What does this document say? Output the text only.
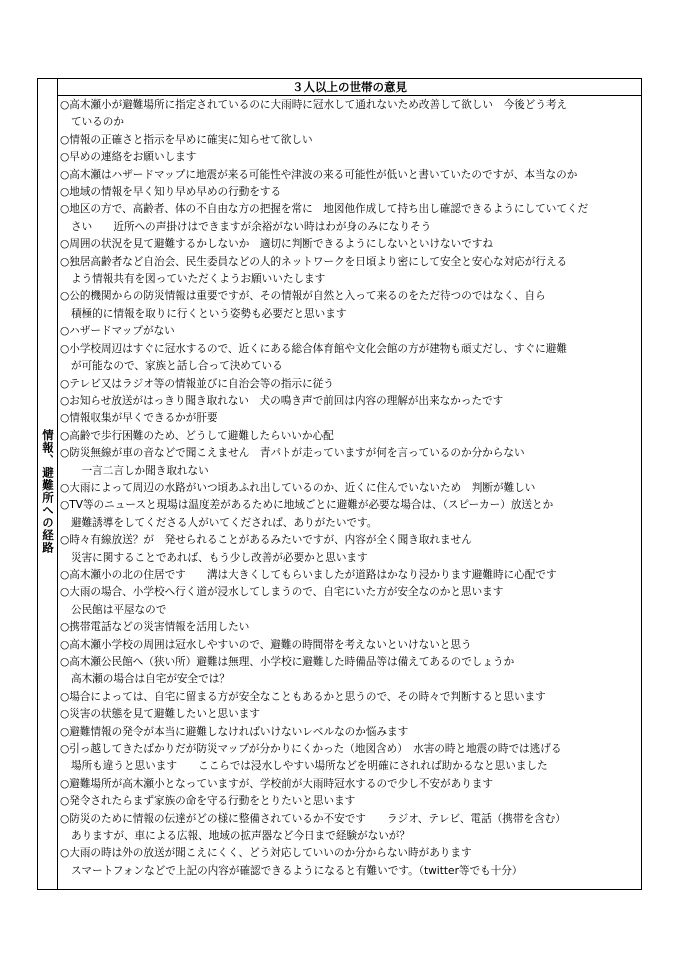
情報、避難所への経路
３人以上の世帯の意見
○高木瀬小が避難場所に指定されているのに大雨時に冠水して通れないため改善して欲しい　今後どう考え
ているのか
○情報の正確さと指示を早めに確実に知らせて欲しい
○早めの連絡をお願いします
○高木瀬はハザードマップに地震が来る可能性や津波の来る可能性が低いと書いていたのですが、本当なのか
○地域の情報を早く知り早め早めの行動をする
○地区の方で、高齢者、体の不自由な方の把握を常に　地図他作成して持ち出し確認できるようにしていてくだ
さい　　近所への声掛けはできますが余裕がない時はわが身のみになりそう
○周囲の状況を見て避難するかしないか　適切に判断できるようにしないといけないですね
○独居高齢者など自治会、民生委員などの人的ネットワークを日頃より密にして安全と安心な対応が行える
よう情報共有を図っていただくようお願いいたします
○公的機関からの防災情報は重要ですが、その情報が自然と入って来るのをただ待つのではなく、自ら
積極的に情報を取りに行くという姿勢も必要だと思います
○ハザードマップがない
○小学校周辺はすぐに冠水するので、近くにある総合体育館や文化会館の方が建物も頑丈だし、すぐに避難
が可能なので、家族と話し合って決めている
○テレビ又はラジオ等の情報並びに自治会等の指示に従う
○お知らせ放送がはっきり聞き取れない　犬の鳴き声で前回は内容の理解が出来なかったです
○情報収集が早くできるかが肝要
○高齢で歩行困難のため、どうして避難したらいいか心配
○防災無線が車の音などで聞こえません　青パトが走っていますが何を言っているのか分からない
　一言二言しか聞き取れない
○大雨によって周辺の水路がいつ頃あふれ出しているのか、近くに住んでいないため　判断が難しい
○TV等のニュースと現場は温度差があるために地域ごとに避難が必要な場合は、（スピーカー）放送とか
避難誘導をしてくださる人がいてくだされば、ありがたいです。
○時々有線放送？が　発せられることがあるみたいですが、内容が全く聞き取れません
災害に関することであれば、もう少し改善が必要かと思います
○高木瀬小の北の住居です　　溝は大きくしてもらいましたが道路はかなり浸かります避難時に心配です
○大雨の場合、小学校へ行く道が浸水してしまうので、自宅にいた方が安全なのかと思います
公民館は平屋なので
○携帯電話などの災害情報を活用したい
○高木瀬小学校の周囲は冠水しやすいので、避難の時間帯を考えないといけないと思う
○高木瀬公民館へ（狭い所）避難は無理、小学校に避難した時備品等は備えてあるのでしょうか
高木瀬の場合は自宅が安全では？
○場合によっては、自宅に留まる方が安全なこともあるかと思うので、その時々で判断すると思います
○災害の状態を見て避難したいと思います
○避難情報の発令が本当に避難しなければいけないレベルなのか悩みます
○引っ越してきたばかりだが防災マップが分かりにくかった（地図含め）　水害の時と地震の時では逃げる
場所も違うと思います　　ここらでは浸水しやすい場所などを明確にされれば助かるなと思いました
○避難場所が高木瀬小となっていますが、学校前が大雨時冠水するので少し不安があります
○発令されたらまず家族の命を守る行動をとりたいと思います
○防災のために情報の伝達がどの様に整備されているか不安です　　ラジオ、テレビ、電話（携帯を含む）
ありますが、車による広報、地域の拡声器など今日まで経験がないが？
○大雨の時は外の放送が聞こえにくく、どう対応していいのか分からない時があります
スマートフォンなどで上記の内容が確認できるようになると有難いです。（twitter等でも十分）
